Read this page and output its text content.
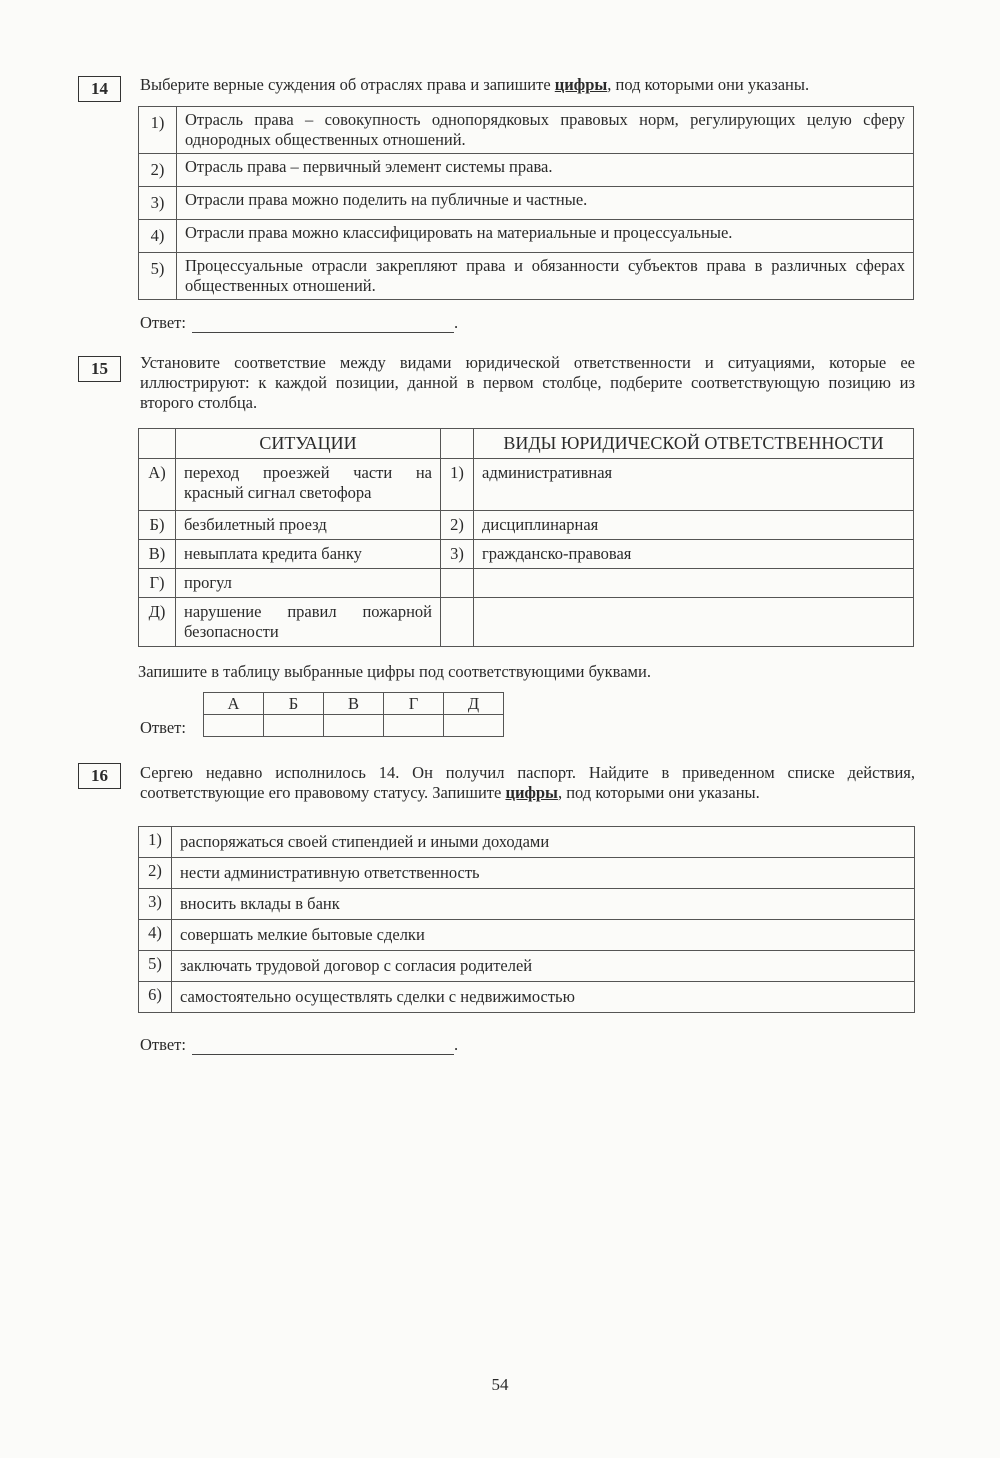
14	Выберите верные суждения об отраслях права и запишите цифры, под которыми они указаны.
1)	Отрасль права – совокупность однопорядковых правовых норм, регулирующих целую сферу однородных общественных отношений.
2)	Отрасль права – первичный элемент системы права.
3)	Отрасли права можно поделить на публичные и частные.
4)	Отрасли права можно классифицировать на материальные и процессуальные.
5)	Процессуальные отрасли закрепляют права и обязанности субъектов права в различных сферах общественных отношений.
Ответ:	.
15	Установите соответствие между видами юридической ответственности и ситуациями, которые ее иллюстрируют: к каждой позиции, данной в первом столбце, подберите соответствующую позицию из второго столбца.
	СИТУАЦИИ		ВИДЫ ЮРИДИЧЕСКОЙ ОТВЕТСТВЕННОСТИ
А)	переход проезжей части на красный сигнал светофора	1)	административная
Б)	безбилетный проезд	2)	дисциплинарная
В)	невыплата кредита банку	3)	гражданско-правовая
Г)	прогул		
Д)	нарушение правил пожарной безопасности		
Запишите в таблицу выбранные цифры под соответствующими буквами.
Ответ:
А	Б	В	Г	Д

16	Сергею недавно исполнилось 14. Он получил паспорт. Найдите в приведенном списке действия, соответствующие его правовому статусу. Запишите цифры, под которыми они указаны.
1)	распоряжаться своей стипендией и иными доходами
2)	нести административную ответственность
3)	вносить вклады в банк
4)	совершать мелкие бытовые сделки
5)	заключать трудовой договор с согласия родителей
6)	самостоятельно осуществлять сделки с недвижимостью
Ответ:	.
54
